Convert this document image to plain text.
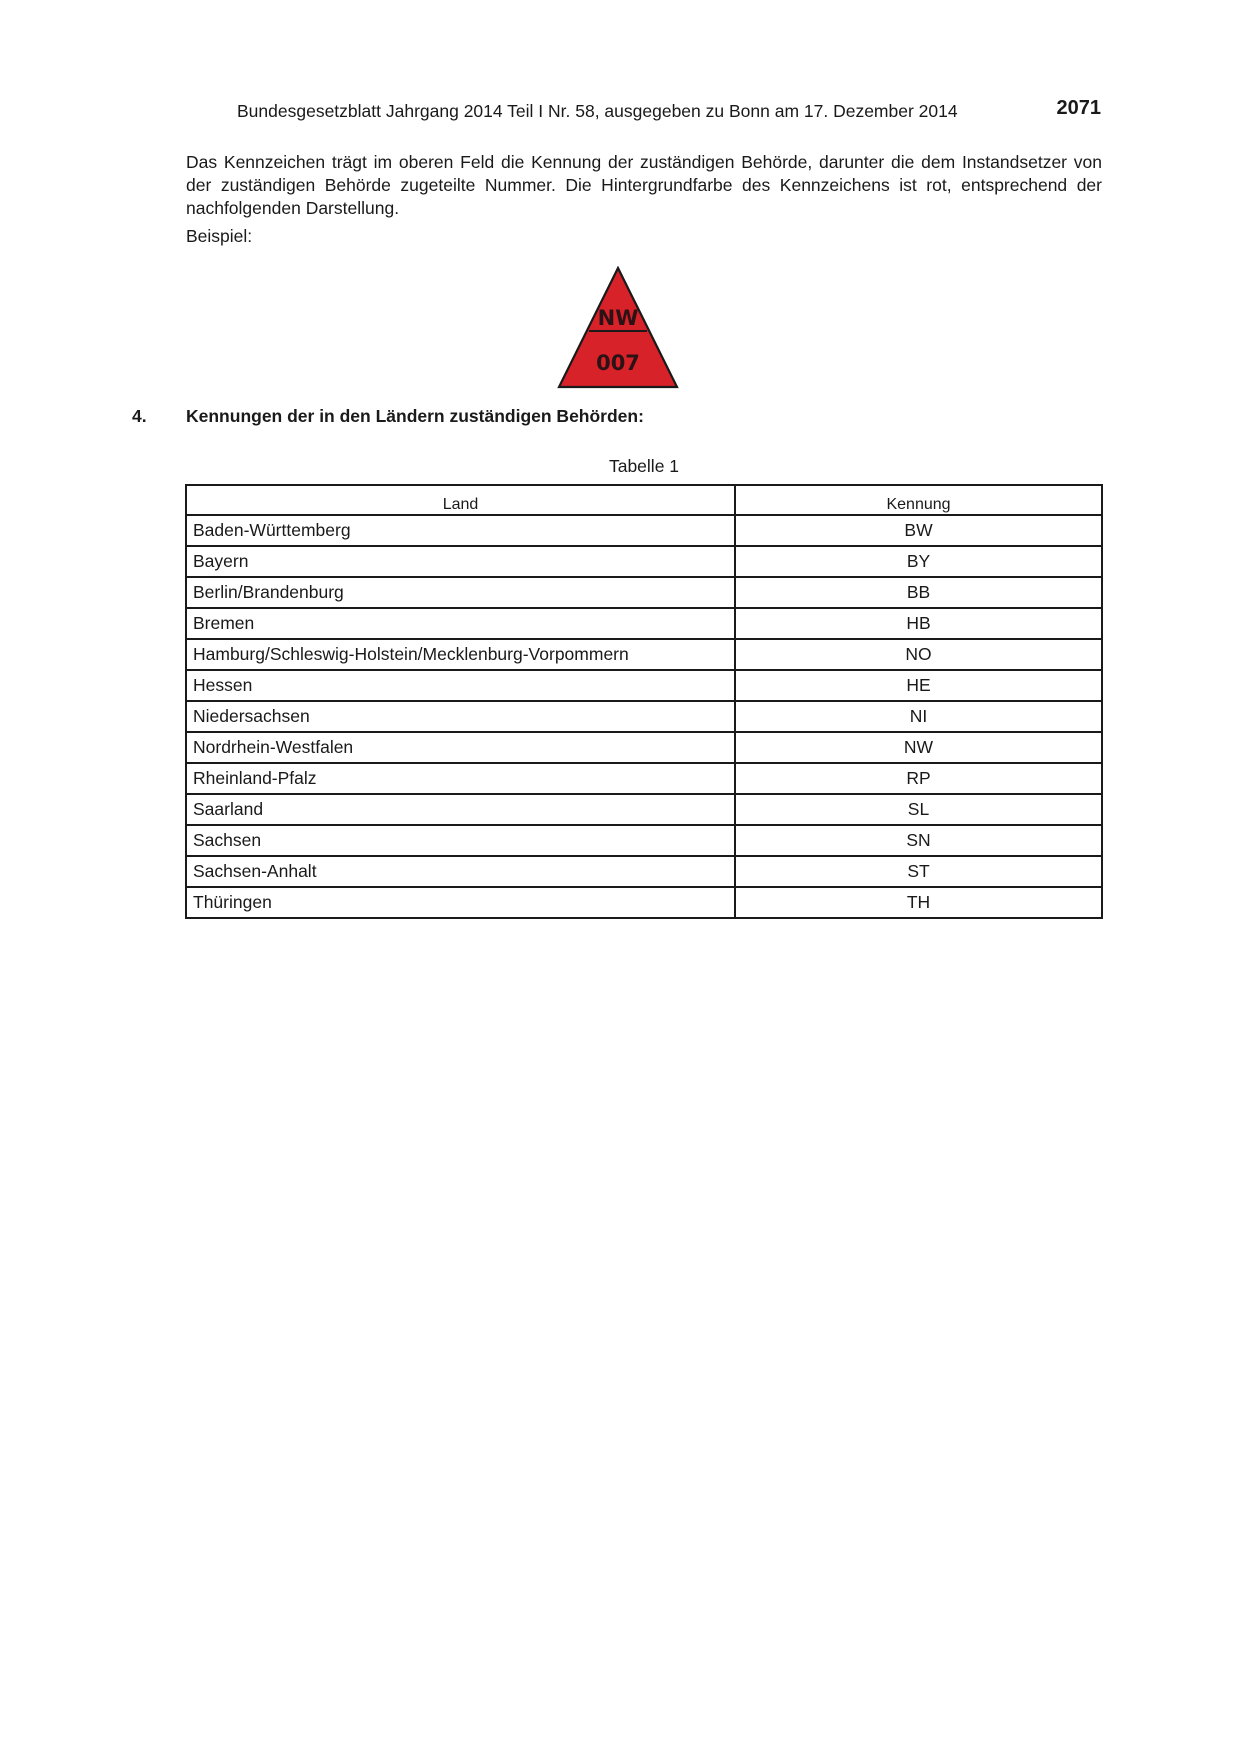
Bundesgesetzblatt Jahrgang 2014 Teil I Nr. 58, ausgegeben zu Bonn am 17. Dezember 2014	2071

Das Kennzeichen trägt im oberen Feld die Kennung der zuständigen Behörde, darunter die dem Instandsetzer von der zuständigen Behörde zugeteilte Nummer. Die Hintergrundfarbe des Kennzeichens ist rot, entsprechend der nachfolgenden Darstellung.

Beispiel:
NW
007
4. Kennungen der in den Ländern zuständigen Behörden:
Tabelle 1
Land	Kennung
Baden-Württemberg	BW
Bayern	BY
Berlin/Brandenburg	BB
Bremen	HB
Hamburg/Schleswig-Holstein/Mecklenburg-Vorpommern	NO
Hessen	HE
Niedersachsen	NI
Nordrhein-Westfalen	NW
Rheinland-Pfalz	RP
Saarland	SL
Sachsen	SN
Sachsen-Anhalt	ST
Thüringen	TH
